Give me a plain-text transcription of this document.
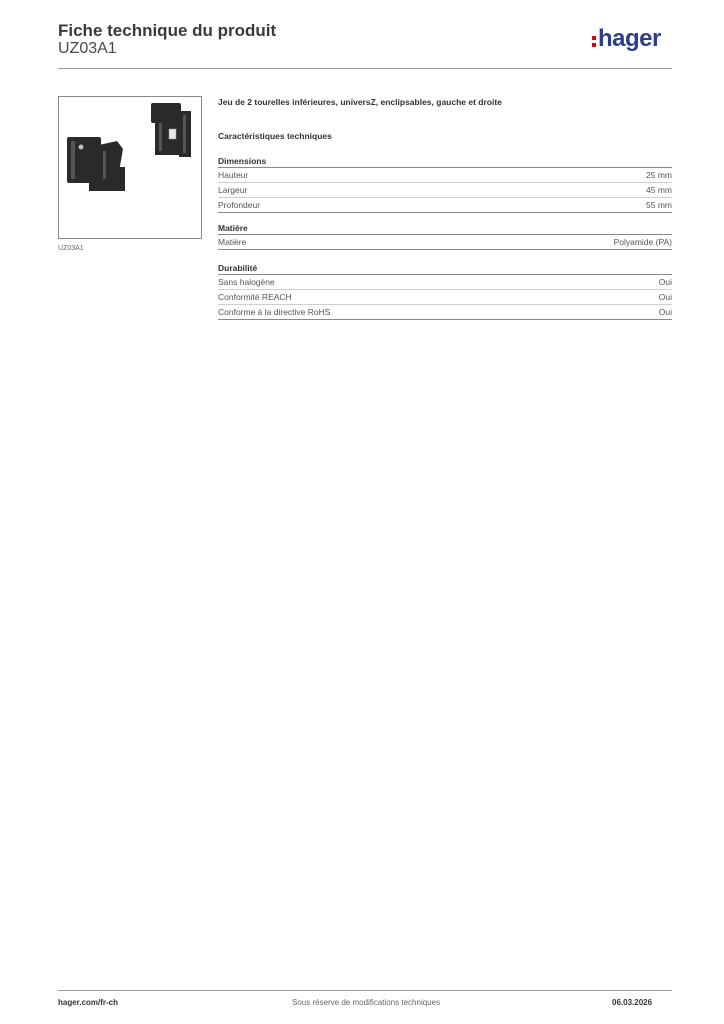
Fiche technique du produit
UZ03A1	hager
UZ03A1
Jeu de 2 tourelles inférieures, universZ, enclipsables, gauche et droite
Caractéristiques techniques
Dimensions
Hauteur	25 mm
Largeur	45 mm
Profondeur	55 mm
Matière
Matière	Polyamide (PA)
Durabilité
Sans halogène	Oui
Conformité REACH	Oui
Conforme à la directive RoHS	Oui
hager.com/fr-ch	Sous réserve de modifications techniques	06.03.2026
